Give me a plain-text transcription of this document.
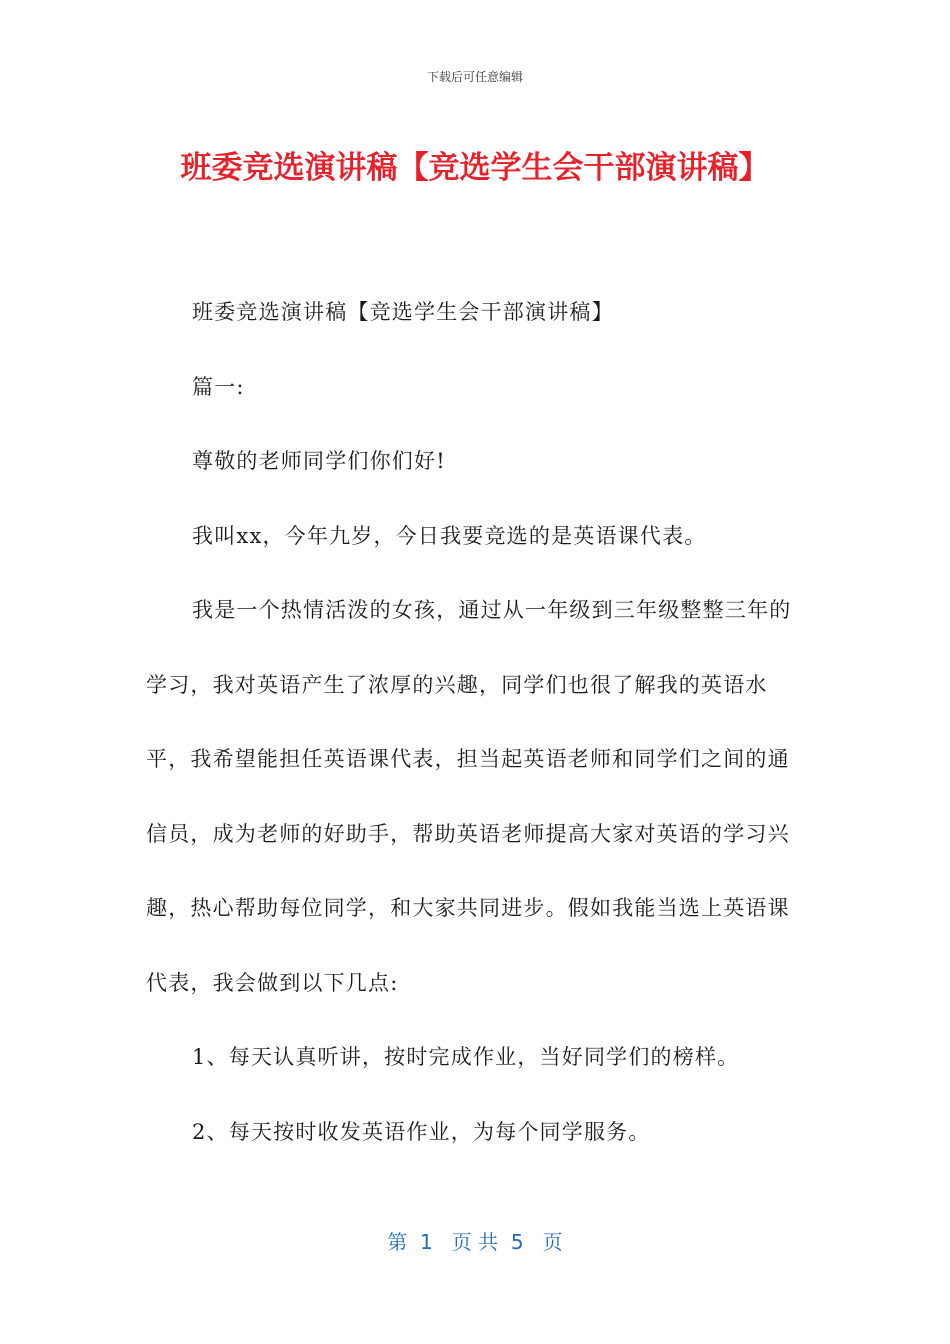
下载后可任意编辑
班委竞选演讲稿【竞选学生会干部演讲稿】

班委竞选演讲稿【竞选学生会干部演讲稿】

篇一:

尊敬的老师同学们你们好!

我叫xx，今年九岁，今日我要竞选的是英语课代表。

我是一个热情活泼的女孩，通过从一年级到三年级整整三年的学习，我对英语产生了浓厚的兴趣，同学们也很了解我的英语水平，我希望能担任英语课代表，担当起英语老师和同学们之间的通信员，成为老师的好助手，帮助英语老师提高大家对英语的学习兴趣，热心帮助每位同学，和大家共同进步。假如我能当选上英语课代表，我会做到以下几点:

1、每天认真听讲，按时完成作业，当好同学们的榜样。

2、每天按时收发英语作业，为每个同学服务。

第  1   页 共  5   页
